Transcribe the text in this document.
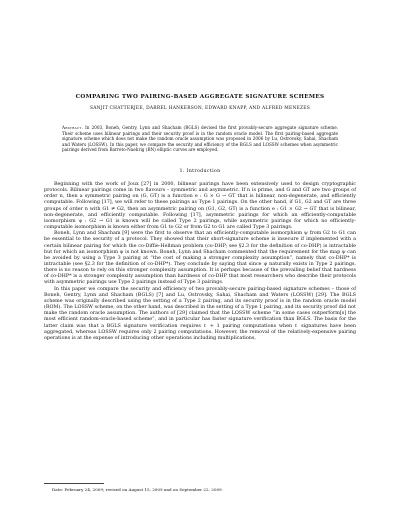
COMPARING TWO PAIRING-BASED AGGREGATE SIGNATURE SCHEMES
SANJIT CHATTERJEE, DARREL HANKERSON, EDWARD KNAPP, AND ALFRED MENEZES
Abstract. In 2003, Boneh, Gentry, Lynn and Shacham (BGLS) devised the first provably-secure aggregate signature scheme. Their scheme uses bilinear pairings and their security proof is in the random oracle model. The first pairing-based aggregate signature scheme which does not make the random oracle assumption was proposed in 2006 by Lu, Ostrovsky, Sahai, Shacham and Waters (LOSSW). In this paper, we compare the security and efficiency of the BGLS and LOSSW schemes when asymmetric pairings derived from Barreto-Naehrig (BN) elliptic curves are employed.
1. Introduction

Beginning with the work of Joux [27] in 2000, bilinear pairings have been extensively used to design cryptographic protocols. Bilinear pairings come in two flavours – symmetric and asymmetric. If n is prime, and G and GT are two groups of order n, then a symmetric pairing on (G, GT) is a function e : G × G → GT that is bilinear, non-degenerate, and efficiently computable. Following [17], we will refer to these pairings as Type 1 pairings. On the other hand, if G1, G2 and GT are three groups of order n with G1 ≠ G2, then an asymmetric pairing on (G1, G2, GT) is a function e : G1 × G2 → GT that is bilinear, non-degenerate, and efficiently computable. Following [17], asymmetric pairings for which an efficiently-computable isomorphism ψ : G2 → G1 is known will be called Type 2 pairings, while asymmetric pairings for which no efficiently-computable isomorphism is known either from G1 to G2 or from G2 to G1 are called Type 3 pairings.

Boneh, Lynn and Shacham [9] were the first to observe that an efficiently-computable isomorphism ψ from G2 to G1 can be essential to the security of a protocol. They showed that their short-signature scheme is insecure if implemented with a certain bilinear pairing for which the co-Diffie-Hellman problem (co-DHP; see §2.3 for the definition of co-DHP) is intractable but for which an isomorphism ψ is not known. Boneh, Lynn and Shacham commented that the requirement for the map ψ can be avoided by using a Type 3 pairing at “the cost of making a stronger complexity assumption”, namely that co-DHP* is intractable (see §2.3 for the definition of co-DHP*). They conclude by saying that since ψ naturally exists in Type 2 pairings, there is no reason to rely on this stronger complexity assumption. It is perhaps because of the prevailing belief that hardness of co-DHP* is a stronger complexity assumption than hardness of co-DHP that most researchers who describe their protocols with asymmetric pairings use Type 2 pairings instead of Type 3 pairings.

In this paper we compare the security and efficiency of two provably-secure pairing-based signature schemes – those of Boneh, Gentry, Lynn and Shacham (BGLS) [7] and Lu, Ostrovsky, Sahai, Shacham and Waters (LOSSW) [29]. The BGLS scheme was originally described using the setting of a Type 2 pairing, and its security proof is in the random oracle model (ROM). The LOSSW scheme, on the other hand, was described in the setting of a Type 1 pairing, and its security proof did not make the random oracle assumption. The authors of [29] claimed that the LOSSW scheme “in some cases outperform[s] the most efficient random-oracle-based scheme”, and in particular has faster signature verification than BGLS. The basis for the latter claim was that a BGLS signature verification requires ℓ + 1 pairing computations when ℓ signatures have been aggregated, whereas LOSSW requires only 2 pairing computations. However, the removal of the relatively-expensive pairing operations is at the expense of introducing other operations including multiplications,

Date: February 24, 2009; revised on August 15, 2009 and on September 22, 2009.
